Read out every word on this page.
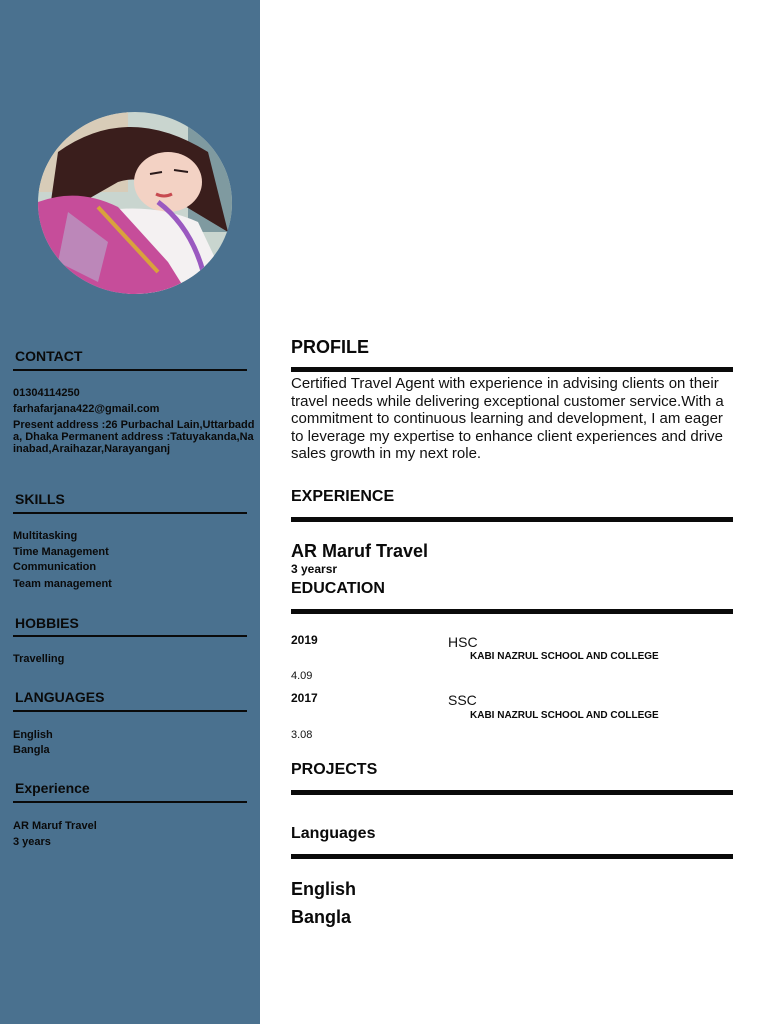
CONTACT
01304114250
farhafarjana422@gmail.com
Present address :26 Purbachal Lain,Uttarbadda, Dhaka Permanent address :Tatuyakanda,Nainabad,Araihazar,Narayanganj
SKILLS
Multitasking
Time Management
Communication
Team management
HOBBIES
Travelling
LANGUAGES
English
Bangla
Experience
AR Maruf Travel
3 years
PROFILE
Certified Travel Agent with experience in advising clients on their travel needs while delivering exceptional customer service.With a commitment to continuous learning and development, I am eager to leverage my expertise to enhance client experiences and drive sales growth in my next role.
EXPERIENCE
AR Maruf Travel
3 yearsr
EDUCATION
2019	HSC
KABI NAZRUL SCHOOL AND COLLEGE
4.09
2017	SSC
KABI NAZRUL SCHOOL AND COLLEGE
3.08
PROJECTS
Languages
English
Bangla
